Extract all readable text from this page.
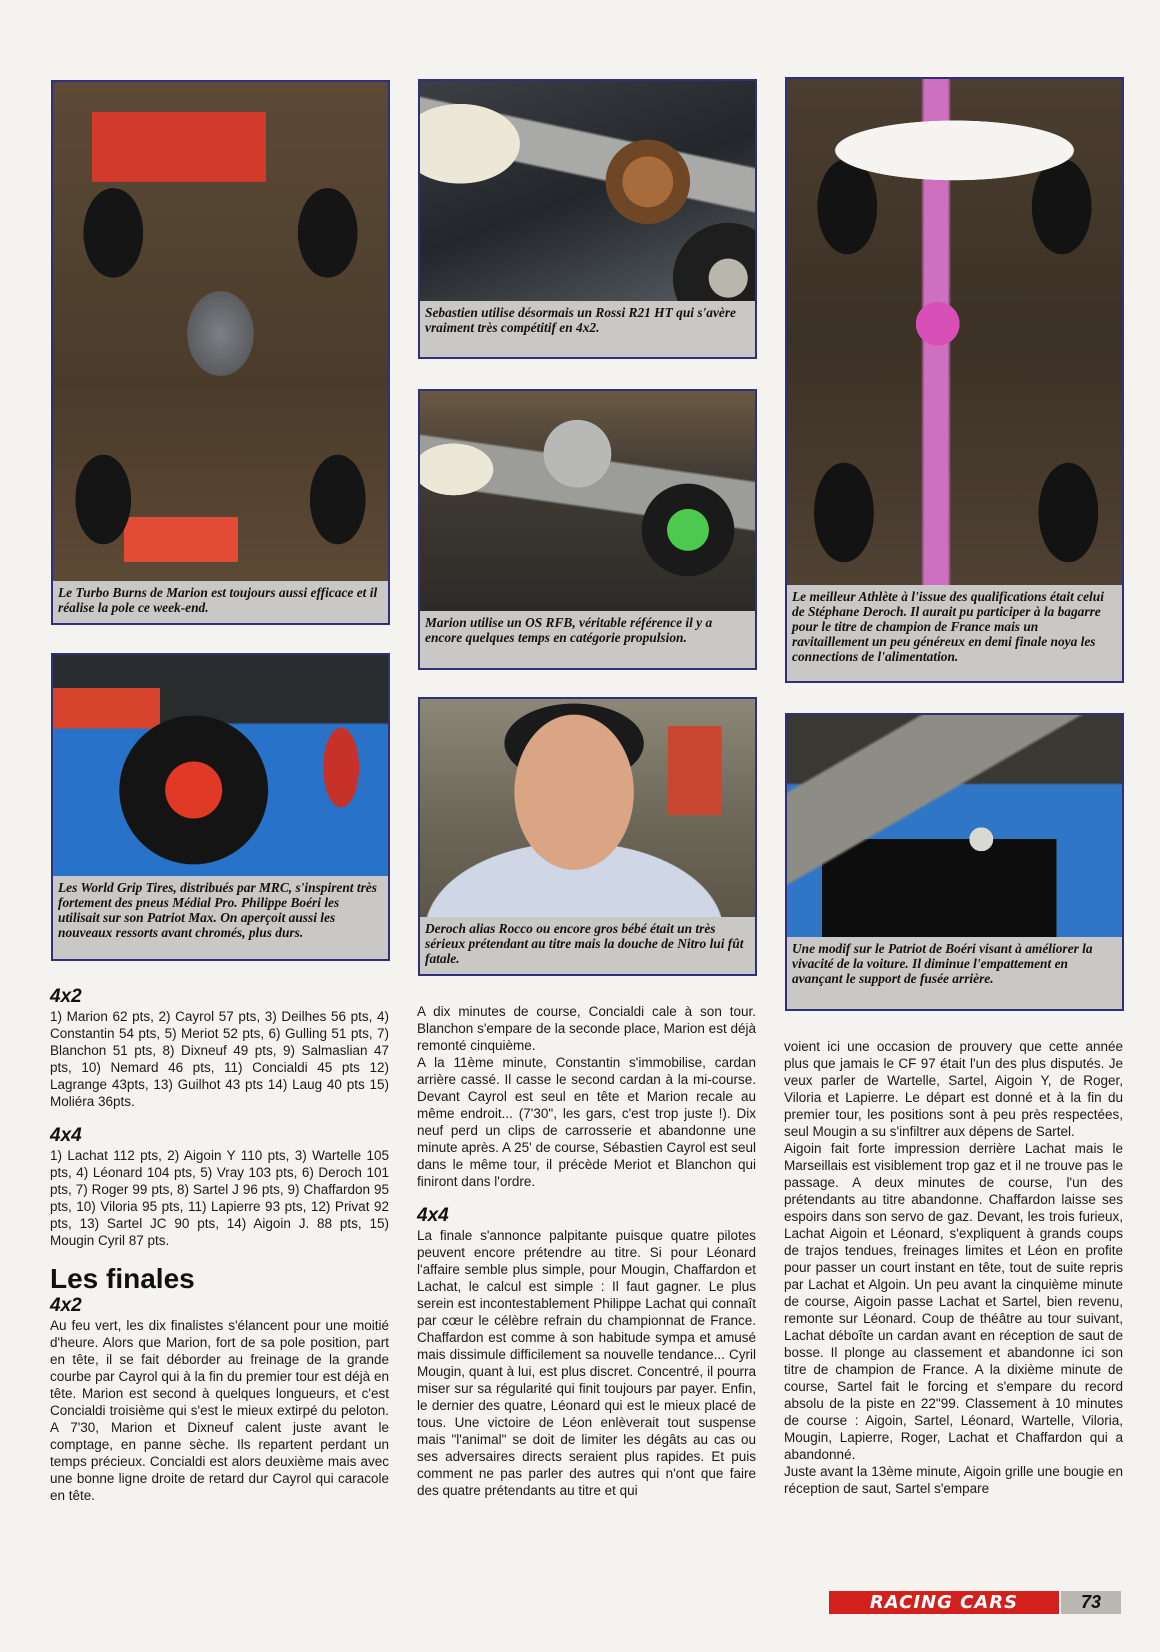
Le Turbo Burns de Marion est toujours aussi efficace et il réalise la pole ce week-end.
Sebastien utilise désormais un Rossi R21 HT qui s'avère vraiment très compétitif en 4x2.
Le meilleur Athlète à l'issue des qualifications était celui de Stéphane Deroch. Il aurait pu participer à la bagarre pour le titre de champion de France mais un ravitaillement un peu généreux en demi finale noya les connections de l'alimentation.
Marion utilise un OS RFB, véritable référence il y a encore quelques temps en catégorie propulsion.
Les World Grip Tires, distribués par MRC, s'inspirent très fortement des pneus Médial Pro. Philippe Boéri les utilisait sur son Patriot Max. On aperçoit aussi les nouveaux ressorts avant chromés, plus durs.	Deroch alias Rocco ou encore gros bébé était un très sérieux prétendant au titre mais la douche de Nitro lui fût fatale.
Une modif sur le Patriot de Boéri visant à améliorer la vivacité de la voiture. Il diminue l'empattement en avançant le support de fusée arrière.

4x2

1) Marion 62 pts, 2) Cayrol 57 pts, 3) Deilhes 56 pts, 4) Constantin 54 pts, 5) Meriot 52 pts, 6) Gulling 51 pts, 7) Blanchon 51 pts, 8) Dixneuf 49 pts, 9) Salmaslian 47 pts, 10) Nemard 46 pts, 11) Concialdi 45 pts 12) Lagrange 43pts, 13) Guilhot 43 pts 14) Laug 40 pts 15) Moliéra 36pts.

4x4

1) Lachat 112 pts, 2) Aigoin Y 110 pts, 3) Wartelle 105 pts, 4) Léonard 104 pts, 5) Vray 103 pts, 6) Deroch 101 pts, 7) Roger 99 pts, 8) Sartel J 96 pts, 9) Chaffardon 95 pts, 10) Viloria 95 pts, 11) Lapierre 93 pts, 12) Privat 92 pts, 13) Sartel JC 90 pts, 14) Aigoin J. 88 pts, 15) Mougin Cyril 87 pts.

Les finales

4x2

Au feu vert, les dix finalistes s'élancent pour une moitié d'heure. Alors que Marion, fort de sa pole position, part en tête, il se fait déborder au freinage de la grande courbe par Cayrol qui à la fin du premier tour est déjà en tête. Marion est second à quelques longueurs, et c'est Concialdi troisième qui s'est le mieux extirpé du peloton. A 7'30, Marion et Dixneuf calent juste avant le comptage, en panne sèche. Ils repartent perdant un temps précieux. Concialdi est alors deuxième mais avec une bonne ligne droite de retard dur Cayrol qui caracole en tête.

A dix minutes de course, Concialdi cale à son tour. Blanchon s'empare de la seconde place, Marion est déjà remonté cinquième.

A la 11ème minute, Constantin s'immobilise, cardan arrière cassé. Il casse le second cardan à la mi-course. Devant Cayrol est seul en tête et Marion recale au même endroit... (7'30", les gars, c'est trop juste !). Dix neuf perd un clips de carrosserie et abandonne une minute après. A 25' de course, Sébastien Cayrol est seul dans le même tour, il précède Meriot et Blanchon qui finiront dans l'ordre.

4x4

La finale s'annonce palpitante puisque quatre pilotes peuvent encore prétendre au titre. Si pour Léonard l'affaire semble plus simple, pour Mougin, Chaffardon et Lachat, le calcul est simple : Il faut gagner. Le plus serein est incontestablement Philippe Lachat qui connaît par cœur le célèbre refrain du championnat de France. Chaffardon est comme à son habitude sympa et amusé mais dissimule difficilement sa nouvelle tendance... Cyril Mougin, quant à lui, est plus discret. Concentré, il pourra miser sur sa régularité qui finit toujours par payer. Enfin, le dernier des quatre, Léonard qui est le mieux placé de tous. Une victoire de Léon enlèverait tout suspense mais "l'animal" se doit de limiter les dégâts au cas ou ses adversaires directs seraient plus rapides. Et puis comment ne pas parler des autres qui n'ont que faire des quatre prétendants au titre et qui

voient ici une occasion de prouvery que cette année plus que jamais le CF 97 était l'un des plus disputés. Je veux parler de Wartelle, Sartel, Aigoin Y, de Roger, Viloria et Lapierre. Le départ est donné et à la fin du premier tour, les positions sont à peu près respectées, seul Mougin a su s'infiltrer aux dépens de Sartel.

Aigoin fait forte impression derrière Lachat mais le Marseillais est visiblement trop gaz et il ne trouve pas le passage. A deux minutes de course, l'un des prétendants au titre abandonne. Chaffardon laisse ses espoirs dans son servo de gaz. Devant, les trois furieux, Lachat Aigoin et Léonard, s'expliquent à grands coups de trajos tendues, freinages limites et Léon en profite pour passer un court instant en tête, tout de suite repris par Lachat et Algoin. Un peu avant la cinquième minute de course, Aigoin passe Lachat et Sartel, bien revenu, remonte sur Léonard. Coup de théâtre au tour suivant, Lachat déboîte un cardan avant en réception de saut de bosse. Il plonge au classement et abandonne ici son titre de champion de France. A la dixième minute de course, Sartel fait le forcing et s'empare du record absolu de la piste en 22"99. Classement à 10 minutes de course : Aigoin, Sartel, Léonard, Wartelle, Viloria, Mougin, Lapierre, Roger, Lachat et Chaffardon qui a abandonné.

Juste avant la 13ème minute, Aigoin grille une bougie en réception de saut, Sartel s'empare

RACING CARS	73
